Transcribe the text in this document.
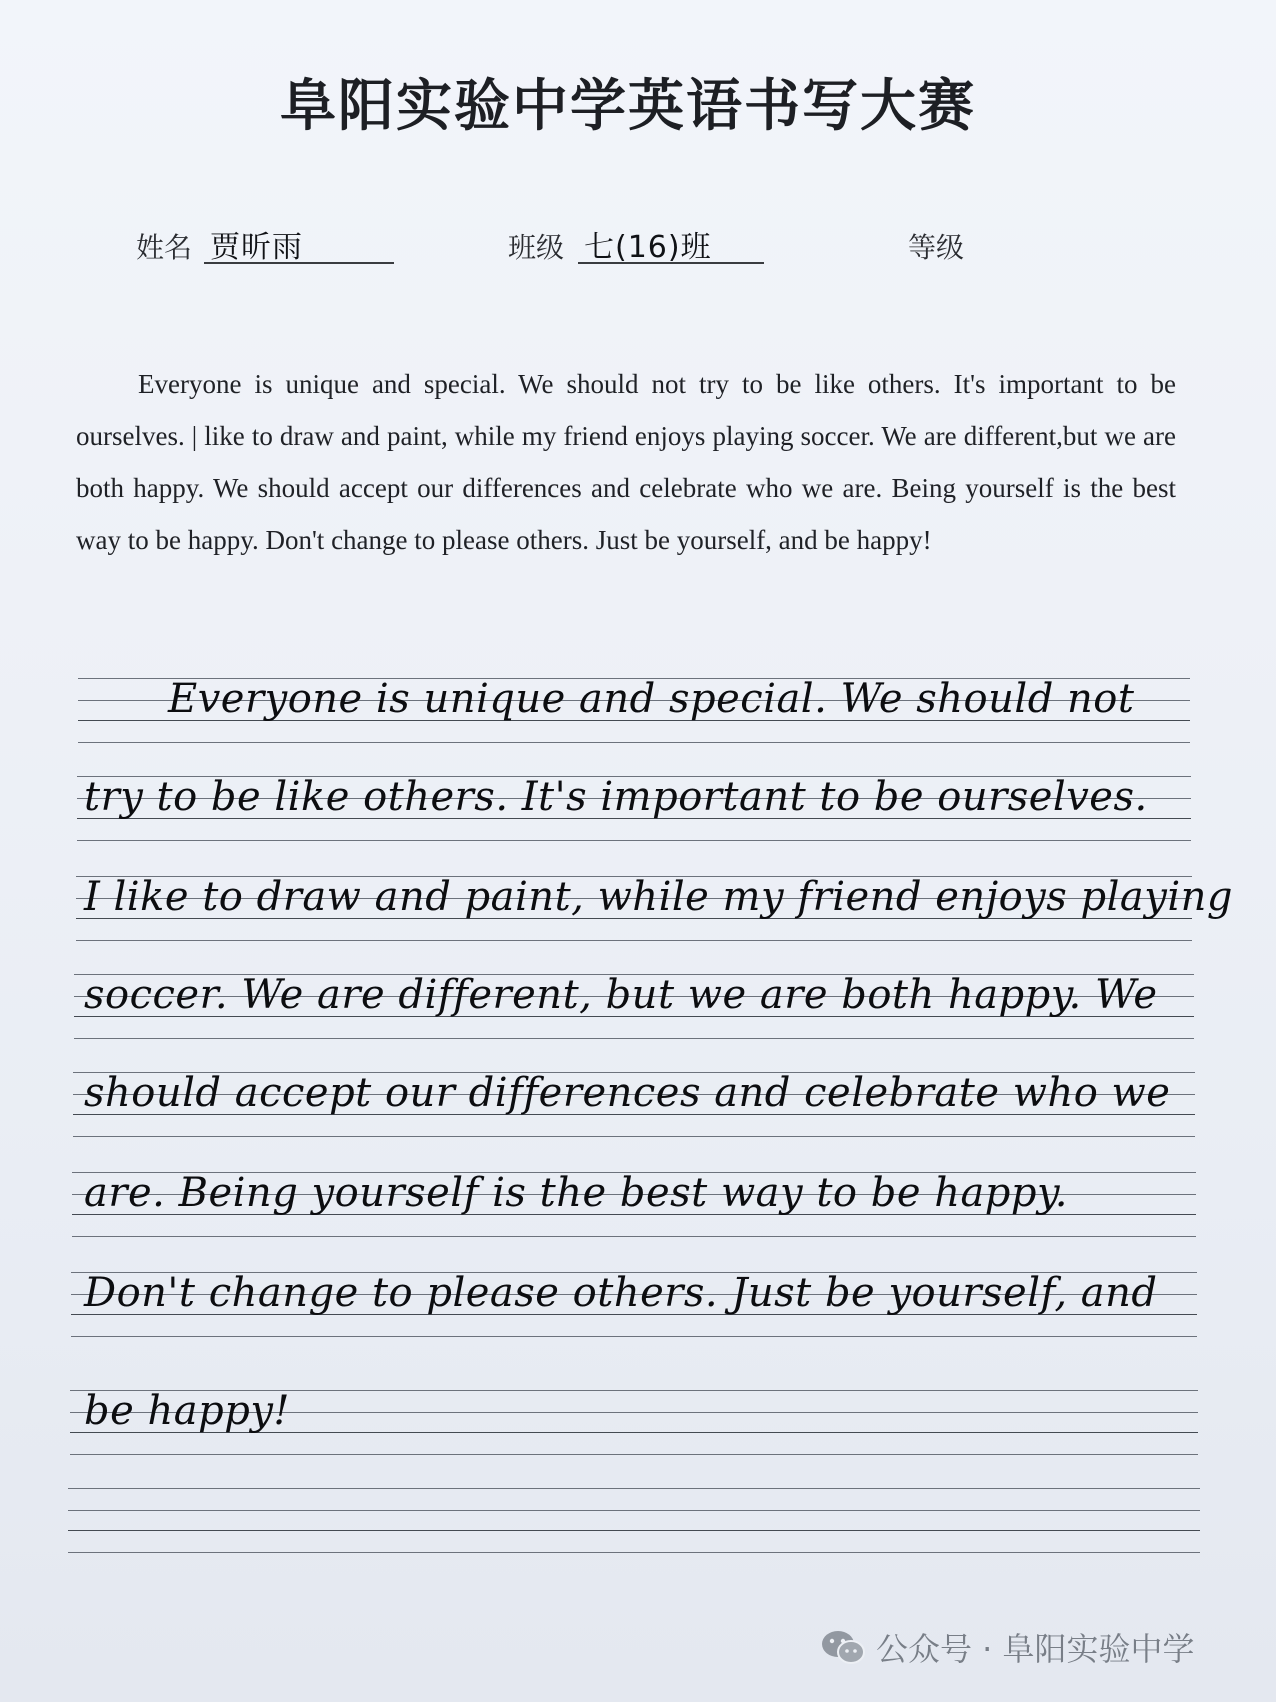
阜阳实验中学英语书写大赛
姓名 贾昕雨	班级 七(16)班	等级
Everyone is unique and special. We should not try to be like others. It's important to be ourselves. | like to draw and paint, while my friend enjoys playing soccer. We are different,but we are both happy. We should accept our differences and celebrate who we are. Being yourself is the best way to be happy. Don't change to please others. Just be yourself, and be happy!
Everyone is unique and special. We should not
try to be like others. It's important to be ourselves.
I like to draw and paint, while my friend enjoys playing
soccer. We are different, but we are both happy. We
should accept our differences and celebrate who we
are. Being yourself is the best way to be happy.
Don't change to please others. Just be yourself, and
be happy!
公众号 · 阜阳实验中学
